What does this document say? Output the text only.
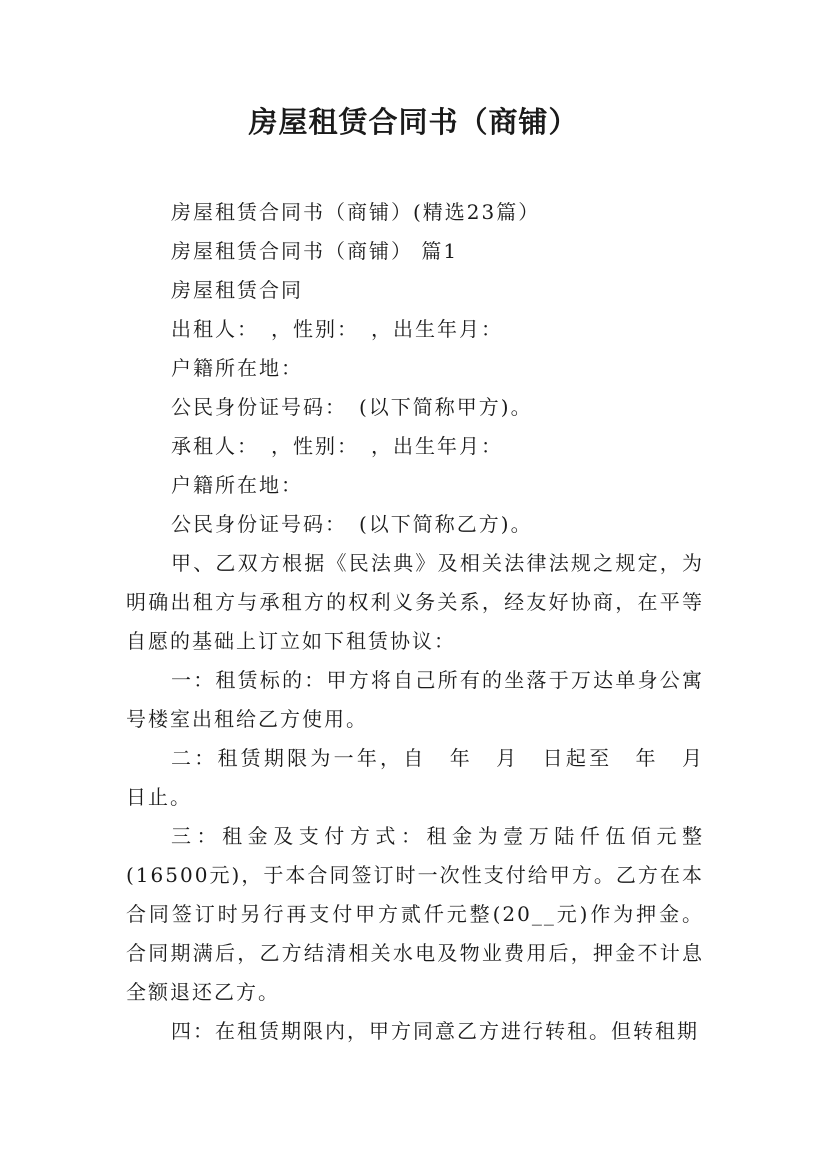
房屋租赁合同书（商铺）

房屋租赁合同书（商铺）(精选23篇）

房屋租赁合同书（商铺） 篇1

房屋租赁合同

出租人：　，性别：　，出生年月：

户籍所在地：

公民身份证号码：　(以下简称甲方)。

承租人：　，性别：　，出生年月：

户籍所在地：

公民身份证号码：　(以下简称乙方)。

甲、乙双方根据《民法典》及相关法律法规之规定，为明确出租方与承租方的权利义务关系，经友好协商，在平等自愿的基础上订立如下租赁协议：

一：租赁标的：甲方将自己所有的坐落于万达单身公寓号楼室出租给乙方使用。

二：租赁期限为一年，自　年　月　日起至　年　月　日止。

三：租金及支付方式：租金为壹万陆仟伍佰元整(16500元)，于本合同签订时一次性支付给甲方。乙方在本合同签订时另行再支付甲方贰仟元整(20__元)作为押金。合同期满后，乙方结清相关水电及物业费用后，押金不计息全额退还乙方。

四：在租赁期限内，甲方同意乙方进行转租。但转租期
